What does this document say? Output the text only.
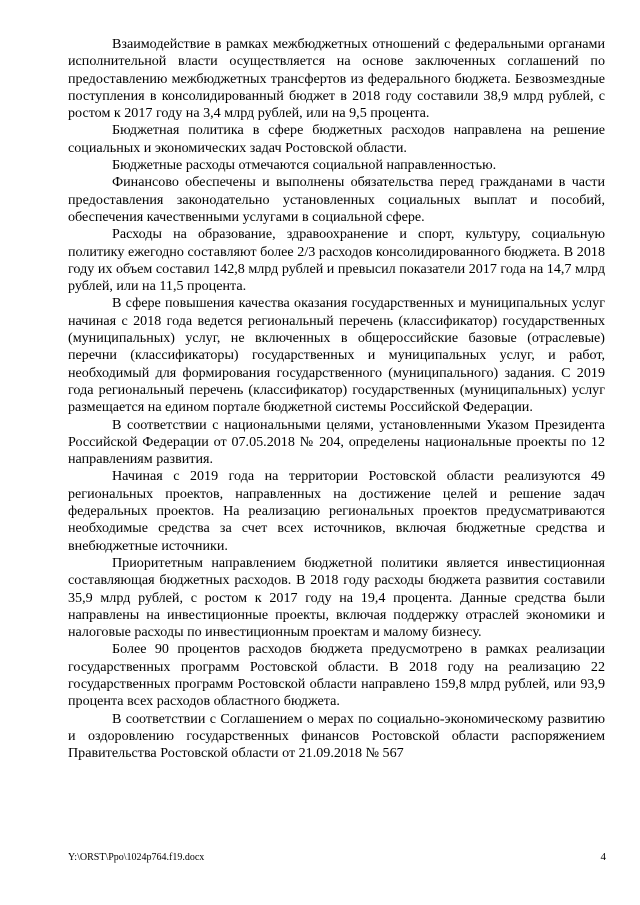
Взаимодействие в рамках межбюджетных отношений с федеральными органами исполнительной власти осуществляется на основе заключенных соглашений по предоставлению межбюджетных трансфертов из федерального бюджета. Безвозмездные поступления в консолидированный бюджет в 2018 году составили 38,9 млрд рублей, с ростом к 2017 году на 3,4 млрд рублей, или на 9,5 процента.

Бюджетная политика в сфере бюджетных расходов направлена на решение социальных и экономических задач Ростовской области.

Бюджетные расходы отмечаются социальной направленностью.

Финансово обеспечены и выполнены обязательства перед гражданами в части предоставления законодательно установленных социальных выплат и пособий, обеспечения качественными услугами в социальной сфере.

Расходы на образование, здравоохранение и спорт, культуру, социальную политику ежегодно составляют более 2/3 расходов консолидированного бюджета. В 2018 году их объем составил 142,8 млрд рублей и превысил показатели 2017 года на 14,7 млрд рублей, или на 11,5 процента.

В сфере повышения качества оказания государственных и муниципальных услуг начиная с 2018 года ведется региональный перечень (классификатор) государственных (муниципальных) услуг, не включенных в общероссийские базовые (отраслевые) перечни (классификаторы) государственных и муниципальных услуг, и работ, необходимый для формирования государственного (муниципального) задания. С 2019 года региональный перечень (классификатор) государственных (муниципальных) услуг размещается на едином портале бюджетной системы Российской Федерации.

В соответствии с национальными целями, установленными Указом Президента Российской Федерации от 07.05.2018 № 204, определены национальные проекты по 12 направлениям развития.

Начиная с 2019 года на территории Ростовской области реализуются 49 региональных проектов, направленных на достижение целей и решение задач федеральных проектов. На реализацию региональных проектов предусматриваются необходимые средства за счет всех источников, включая бюджетные средства и внебюджетные источники.

Приоритетным направлением бюджетной политики является инвестиционная составляющая бюджетных расходов. В 2018 году расходы бюджета развития составили 35,9 млрд рублей, с ростом к 2017 году на 19,4 процента. Данные средства были направлены на инвестиционные проекты, включая поддержку отраслей экономики и налоговые расходы по инвестиционным проектам и малому бизнесу.

Более 90 процентов расходов бюджета предусмотрено в рамках реализации государственных программ Ростовской области. В 2018 году на реализацию 22 государственных программ Ростовской области направлено 159,8 млрд рублей, или 93,9 процента всех расходов областного бюджета.

В соответствии с Соглашением о мерах по социально-экономическому развитию и оздоровлению государственных финансов Ростовской области распоряжением Правительства Ростовской области от 21.09.2018 № 567

Y:\ORST\Ppo\1024p764.f19.docx	4
